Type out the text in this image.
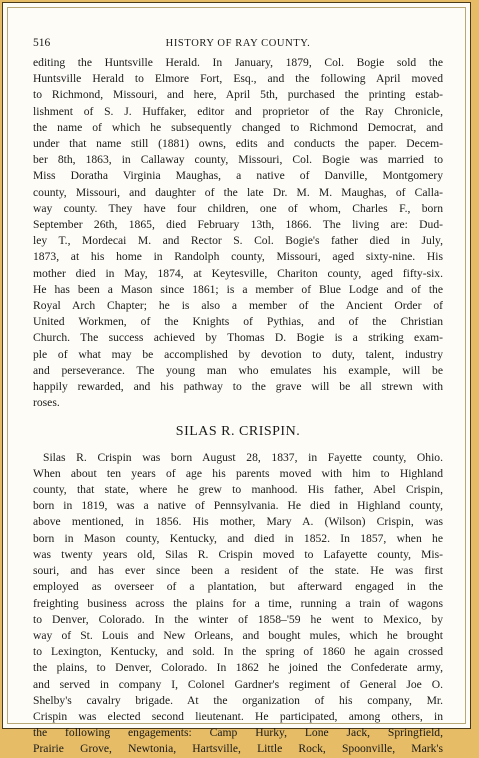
516	HISTORY OF RAY COUNTY.
editing the Huntsville Herald. In January, 1879, Col. Bogie sold the
Huntsville Herald to Elmore Fort, Esq., and the following April moved
to Richmond, Missouri, and here, April 5th, purchased the printing estab-
lishment of S. J. Huffaker, editor and proprietor of the Ray Chronicle,
the name of which he subsequently changed to Richmond Democrat, and
under that name still (1881) owns, edits and conducts the paper. Decem-
ber 8th, 1863, in Callaway county, Missouri, Col. Bogie was married to
Miss Doratha Virginia Maughas, a native of Danville, Montgomery
county, Missouri, and daughter of the late Dr. M. M. Maughas, of Calla-
way county. They have four children, one of whom, Charles F., born
September 26th, 1865, died February 13th, 1866. The living are: Dud-
ley T., Mordecai M. and Rector S. Col. Bogie's father died in July,
1873, at his home in Randolph county, Missouri, aged sixty-nine. His
mother died in May, 1874, at Keytesville, Chariton county, aged fifty-six.
He has been a Mason since 1861; is a member of Blue Lodge and of the
Royal Arch Chapter; he is also a member of the Ancient Order of
United Workmen, of the Knights of Pythias, and of the Christian
Church. The success achieved by Thomas D. Bogie is a striking exam-
ple of what may be accomplished by devotion to duty, talent, industry
and perseverance. The young man who emulates his example, will be
happily rewarded, and his pathway to the grave will be all strewn with
roses.
SILAS R. CRISPIN.
Silas R. Crispin was born August 28, 1837, in Fayette county, Ohio.
When about ten years of age his parents moved with him to Highland
county, that state, where he grew to manhood. His father, Abel Crispin,
born in 1819, was a native of Pennsylvania. He died in Highland county,
above mentioned, in 1856. His mother, Mary A. (Wilson) Crispin, was
born in Mason county, Kentucky, and died in 1852. In 1857, when he
was twenty years old, Silas R. Crispin moved to Lafayette county, Mis-
souri, and has ever since been a resident of the state. He was first
employed as overseer of a plantation, but afterward engaged in the
freighting business across the plains for a time, running a train of wagons
to Denver, Colorado. In the winter of 1858–'59 he went to Mexico, by
way of St. Louis and New Orleans, and bought mules, which he brought
to Lexington, Kentucky, and sold. In the spring of 1860 he again crossed
the plains, to Denver, Colorado. In 1862 he joined the Confederate army,
and served in company I, Colonel Gardner's regiment of General Joe O.
Shelby's cavalry brigade. At the organization of his company, Mr.
Crispin was elected second lieutenant. He participated, among others, in
the following engagements: Camp Hurky, Lone Jack, Springfield,
Prairie Grove, Newtonia, Hartsville, Little Rock, Spoonville, Mark's
